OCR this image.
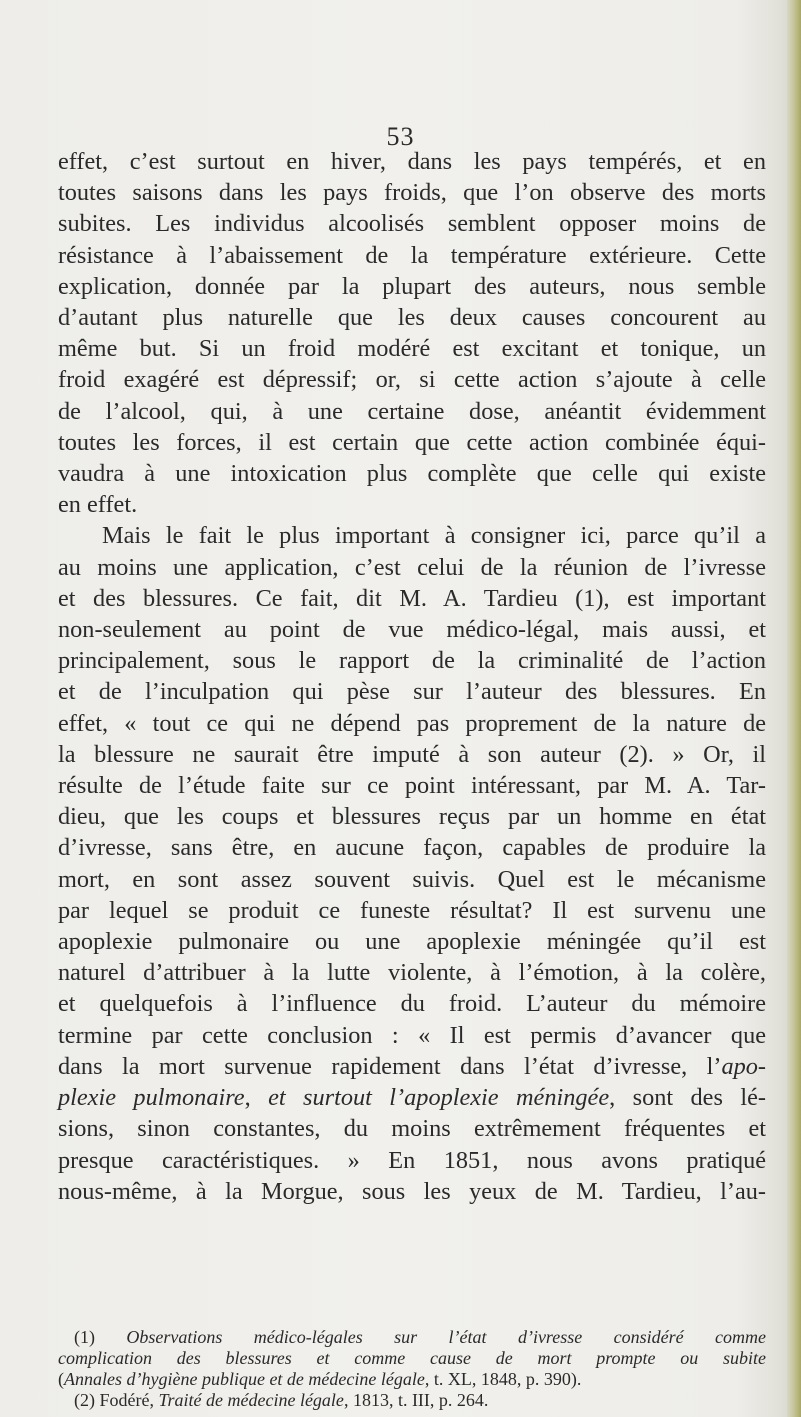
53

effet, c’est surtout en hiver, dans les pays tempérés, et en
toutes saisons dans les pays froids, que l’on observe des morts
subites. Les individus alcoolisés semblent opposer moins de
résistance à l’abaissement de la température extérieure. Cette
explication, donnée par la plupart des auteurs, nous semble
d’autant plus naturelle que les deux causes concourent au
même but. Si un froid modéré est excitant et tonique, un
froid exagéré est dépressif; or, si cette action s’ajoute à celle
de l’alcool, qui, à une certaine dose, anéantit évidemment
toutes les forces, il est certain que cette action combinée équi-
vaudra à une intoxication plus complète que celle qui existe
en effet.

Mais le fait le plus important à consigner ici, parce qu’il a
au moins une application, c’est celui de la réunion de l’ivresse
et des blessures. Ce fait, dit M. A. Tardieu (1), est important
non-seulement au point de vue médico-légal, mais aussi, et
principalement, sous le rapport de la criminalité de l’action
et de l’inculpation qui pèse sur l’auteur des blessures. En
effet, « tout ce qui ne dépend pas proprement de la nature de
la blessure ne saurait être imputé à son auteur (2). » Or, il
résulte de l’étude faite sur ce point intéressant, par M. A. Tar-
dieu, que les coups et blessures reçus par un homme en état
d’ivresse, sans être, en aucune façon, capables de produire la
mort, en sont assez souvent suivis. Quel est le mécanisme
par lequel se produit ce funeste résultat? Il est survenu une
apoplexie pulmonaire ou une apoplexie méningée qu’il est
naturel d’attribuer à la lutte violente, à l’émotion, à la colère,
et quelquefois à l’influence du froid. L’auteur du mémoire
termine par cette conclusion : « Il est permis d’avancer que
dans la mort survenue rapidement dans l’état d’ivresse, l’apo-
plexie pulmonaire, et surtout l’apoplexie méningée, sont des lé-
sions, sinon constantes, du moins extrêmement fréquentes et
presque caractéristiques. » En 1851, nous avons pratiqué
nous-même, à la Morgue, sous les yeux de M. Tardieu, l’au-

(1) Observations médico-légales sur l’état d’ivresse considéré comme
complication des blessures et comme cause de mort prompte ou subite
(Annales d’hygiène publique et de médecine légale, t. XL, 1848, p. 390).
(2) Fodéré, Traité de médecine légale, 1813, t. III, p. 264.
